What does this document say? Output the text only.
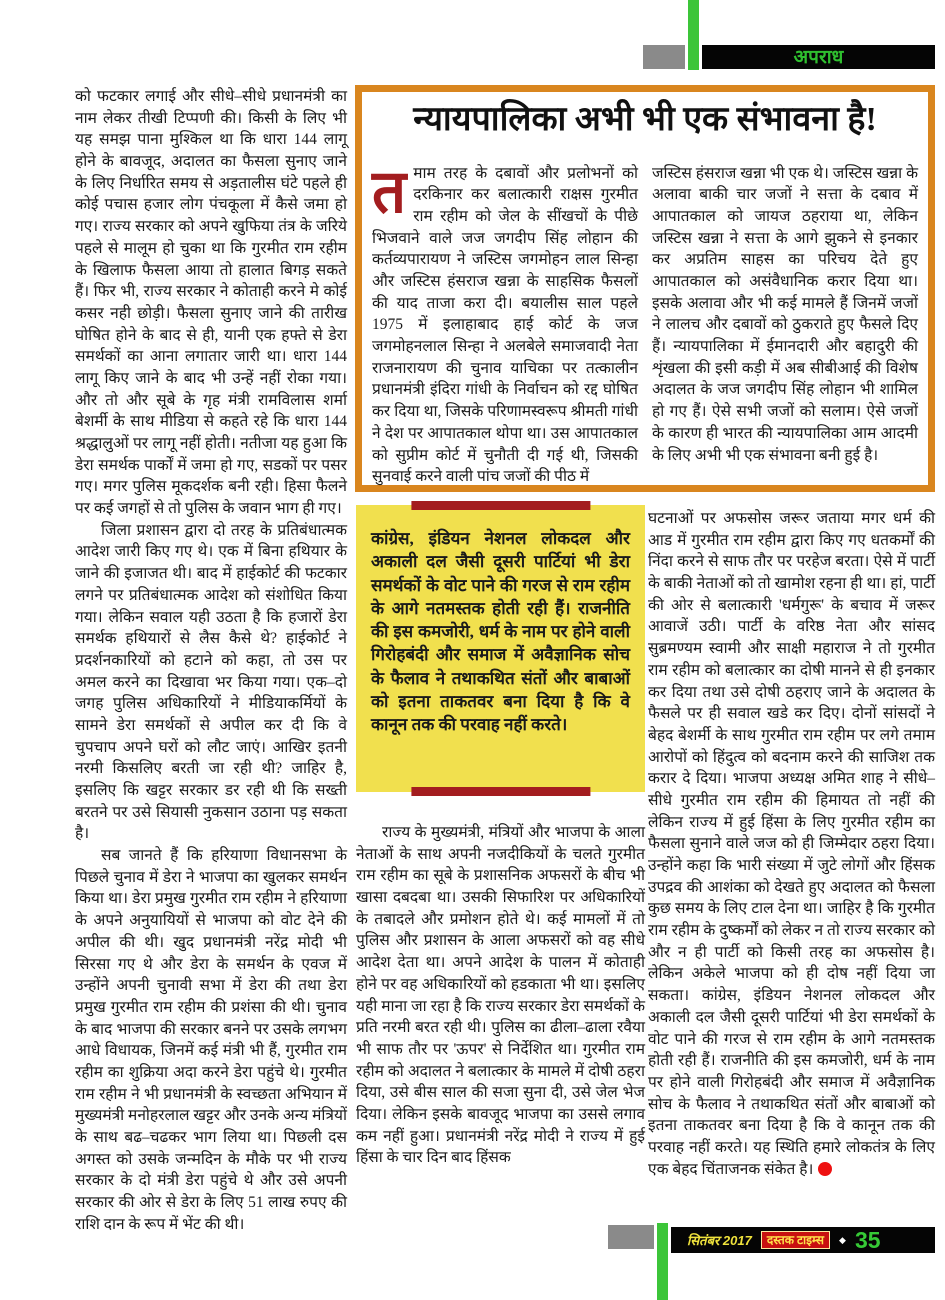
अपराध

को फटकार लगाई और सीधे–सीधे प्रधानमंत्री का नाम लेकर तीखी टिप्पणी की। किसी के लिए भी यह समझ पाना मुश्किल था कि धारा 144 लागू होने के बावजूद, अदालत का फैसला सुनाए जाने के लिए निर्धारित समय से अड़तालीस घंटे पहले ही कोई पचास हजार लोग पंचकूला में कैसे जमा हो गए। राज्य सरकार को अपने खुफिया तंत्र के जरिये पहले से मालूम हो चुका था कि गुरमीत राम रहीम के खिलाफ फैसला आया तो हालात बिगड़ सकते हैं। फिर भी, राज्य सरकार ने कोताही करने मे कोई कसर नही छोड़ी। फैसला सुनाए जाने की तारीख घोषित होने के बाद से ही, यानी एक हफ्ते से डेरा समर्थकों का आना लगातार जारी था। धारा 144 लागू किए जाने के बाद भी उन्हें नहीं रोका गया। और तो और सूबे के गृह मंत्री रामविलास शर्मा बेशर्मी के साथ मीडिया से कहते रहे कि धारा 144 श्रद्धालुओं पर लागू नहीं होती। नतीजा यह हुआ कि डेरा समर्थक पार्कों में जमा हो गए, सडकों पर पसर गए। मगर पुलिस मूकदर्शक बनी रही। हिसा फैलने पर कई जगहों से तो पुलिस के जवान भाग ही गए।

जिला प्रशासन द्वारा दो तरह के प्रतिबंधात्मक आदेश जारी किए गए थे। एक में बिना हथियार के जाने की इजाजत थी। बाद में हाईकोर्ट की फटकार लगने पर प्रतिबंधात्मक आदेश को संशोधित किया गया। लेकिन सवाल यही उठता है कि हजारों डेरा समर्थक हथियारों से लैस कैसे थे? हाईकोर्ट ने प्रदर्शनकारियों को हटाने को कहा, तो उस पर अमल करने का दिखावा भर किया गया। एक–दो जगह पुलिस अधिकारियों ने मीडियाकर्मियों के सामने डेरा समर्थकों से अपील कर दी कि वे चुपचाप अपने घरों को लौट जाएं। आखिर इतनी नरमी किसलिए बरती जा रही थी? जाहिर है, इसलिए कि खट्टर सरकार डर रही थी कि सख्ती बरतने पर उसे सियासी नुकसान उठाना पड़ सकता है।

सब जानते हैं कि हरियाणा विधानसभा के पिछले चुनाव में डेरा ने भाजपा का खुलकर समर्थन किया था। डेरा प्रमुख गुरमीत राम रहीम ने हरियाणा के अपने अनुयायियों से भाजपा को वोट देने की अपील की थी। खुद प्रधानमंत्री नरेंद्र मोदी भी सिरसा गए थे और डेरा के समर्थन के एवज में उन्होंने अपनी चुनावी सभा में डेरा की तथा डेरा प्रमुख गुरमीत राम रहीम की प्रशंसा की थी। चुनाव के बाद भाजपा की सरकार बनने पर उसके लगभग आधे विधायक, जिनमें कई मंत्री भी हैं, गुरमीत राम रहीम का शुक्रिया अदा करने डेरा पहुंचे थे। गुरमीत राम रहीम ने भी प्रधानमंत्री के स्वच्छता अभियान में मुख्यमंत्री मनोहरलाल खट्टर और उनके अन्य मंत्रियों के साथ बढ–चढकर भाग लिया था। पिछली दस अगस्त को उसके जन्मदिन के मौके पर भी राज्य सरकार के दो मंत्री डेरा पहुंचे थे और उसे अपनी सरकार की ओर से डेरा के लिए 51 लाख रुपए की राशि दान के रूप में भेंट की थी।

न्यायपालिका अभी भी एक संभावना है!

तमाम तरह के दबावों और प्रलोभनों को दरकिनार कर बलात्कारी राक्षस गुरमीत राम रहीम को जेल के सींखचों के पीछे भिजवाने वाले जज जगदीप सिंह लोहान की कर्तव्यपारायण ने जस्टिस जगमोहन लाल सिन्हा और जस्टिस हंसराज खन्ना के साहसिक फैसलों की याद ताजा करा दी। बयालीस साल पहले 1975 में इलाहाबाद हाई कोर्ट के जज जगमोहनलाल सिन्हा ने अलबेले समाजवादी नेता राजनारायण की चुनाव याचिका पर तत्कालीन प्रधानमंत्री इंदिरा गांधी के निर्वाचन को रद्द घोषित कर दिया था, जिसके परिणामस्वरूप श्रीमती गांधी ने देश पर आपातकाल थोपा था। उस आपातकाल को सुप्रीम कोर्ट में चुनौती दी गई थी, जिसकी सुनवाई करने वाली पांच जजों की पीठ में

जस्टिस हंसराज खन्ना भी एक थे। जस्टिस खन्ना के अलावा बाकी चार जजों ने सत्ता के दबाव में आपातकाल को जायज ठहराया था, लेकिन जस्टिस खन्ना ने सत्ता के आगे झुकने से इनकार कर अप्रतिम साहस का परिचय देते हुए आपातकाल को असंवैधानिक करार दिया था। इसके अलावा और भी कई मामले हैं जिनमें जजों ने लालच और दबावों को ठुकराते हुए फैसले दिए हैं। न्यायपालिका में ईमानदारी और बहादुरी की शृंखला की इसी कड़ी में अब सीबीआई की विशेष अदालत के जज जगदीप सिंह लोहान भी शामिल हो गए हैं। ऐसे सभी जजों को सलाम। ऐसे जजों के कारण ही भारत की न्यायपालिका आम आदमी के लिए अभी भी एक संभावना बनी हुई है।

कांग्रेस, इंडियन नेशनल लोकदल और अकाली दल जैसी दूसरी पार्टियां भी डेरा समर्थकों के वोट पाने की गरज से राम रहीम के आगे नतमस्तक होती रही हैं। राजनीति की इस कमजोरी, धर्म के नाम पर होने वाली गिरोहबंदी और समाज में अवैज्ञानिक सोच के फैलाव ने तथाकथित संतों और बाबाओं को इतना ताकतवर बना दिया है कि वे कानून तक की परवाह नहीं करते।

राज्य के मुख्यमंत्री, मंत्रियों और भाजपा के आला नेताओं के साथ अपनी नजदीकियों के चलते गुरमीत राम रहीम का सूबे के प्रशासनिक अफसरों के बीच भी खासा दबदबा था। उसकी सिफारिश पर अधिकारियों के तबादले और प्रमोशन होते थे। कई मामलों में तो पुलिस और प्रशासन के आला अफसरों को वह सीधे आदेश देता था। अपने आदेश के पालन में कोताही होने पर वह अधिकारियों को हडकाता भी था। इसलिए यही माना जा रहा है कि राज्य सरकार डेरा समर्थकों के प्रति नरमी बरत रही थी। पुलिस का ढीला–ढाला रवैया भी साफ तौर पर 'ऊपर' से निर्देशित था। गुरमीत राम रहीम को अदालत ने बलात्कार के मामले में दोषी ठहरा दिया, उसे बीस साल की सजा सुना दी, उसे जेल भेज दिया। लेकिन इसके बावजूद भाजपा का उससे लगाव कम नहीं हुआ। प्रधानमंत्री नरेंद्र मोदी ने राज्य में हुई हिंसा के चार दिन बाद हिंसक

घटनाओं पर अफसोस जरूर जताया मगर धर्म की आड में गुरमीत राम रहीम द्वारा किए गए धतकर्मों की निंदा करने से साफ तौर पर परहेज बरता। ऐसे में पार्टी के बाकी नेताओं को तो खामोश रहना ही था। हां, पार्टी की ओर से बलात्कारी 'धर्मगुरू' के बचाव में जरूर आवाजें उठी। पार्टी के वरिष्ठ नेता और सांसद सुब्रमण्यम स्वामी और साक्षी महाराज ने तो गुरमीत राम रहीम को बलात्कार का दोषी मानने से ही इनकार कर दिया तथा उसे दोषी ठहराए जाने के अदालत के फैसले पर ही सवाल खडे कर दिए। दोनों सांसदों ने बेहद बेशर्मी के साथ गुरमीत राम रहीम पर लगे तमाम आरोपों को हिंदुत्व को बदनाम करने की साजिश तक करार दे दिया। भाजपा अध्यक्ष अमित शाह ने सीधे–सीधे गुरमीत राम रहीम की हिमायत तो नहीं की लेकिन राज्य में हुई हिंसा के लिए गुरमीत रहीम का फैसला सुनाने वाले जज को ही जिम्मेदार ठहरा दिया। उन्होंने कहा कि भारी संख्या में जुटे लोगों और हिंसक उपद्रव की आशंका को देखते हुए अदालत को फैसला कुछ समय के लिए टाल देना था। जाहिर है कि गुरमीत राम रहीम के दुष्कर्मों को लेकर न तो राज्य सरकार को और न ही पार्टी को किसी तरह का अफसोस है। लेकिन अकेले भाजपा को ही दोष नहीं दिया जा सकता। कांग्रेस, इंडियन नेशनल लोकदल और अकाली दल जैसी दूसरी पार्टियां भी डेरा समर्थकों के वोट पाने की गरज से राम रहीम के आगे नतमस्तक होती रही हैं। राजनीति की इस कमजोरी, धर्म के नाम पर होने वाली गिरोहबंदी और समाज में अवैज्ञानिक सोच के फैलाव ने तथाकथित संतों और बाबाओं को इतना ताकतवर बना दिया है कि वे कानून तक की परवाह नहीं करते। यह स्थिति हमारे लोकतंत्र के लिए एक बेहद चिंताजनक संकेत है।

सितंबर 2017	दस्तक टाइम्स	◆ 35
